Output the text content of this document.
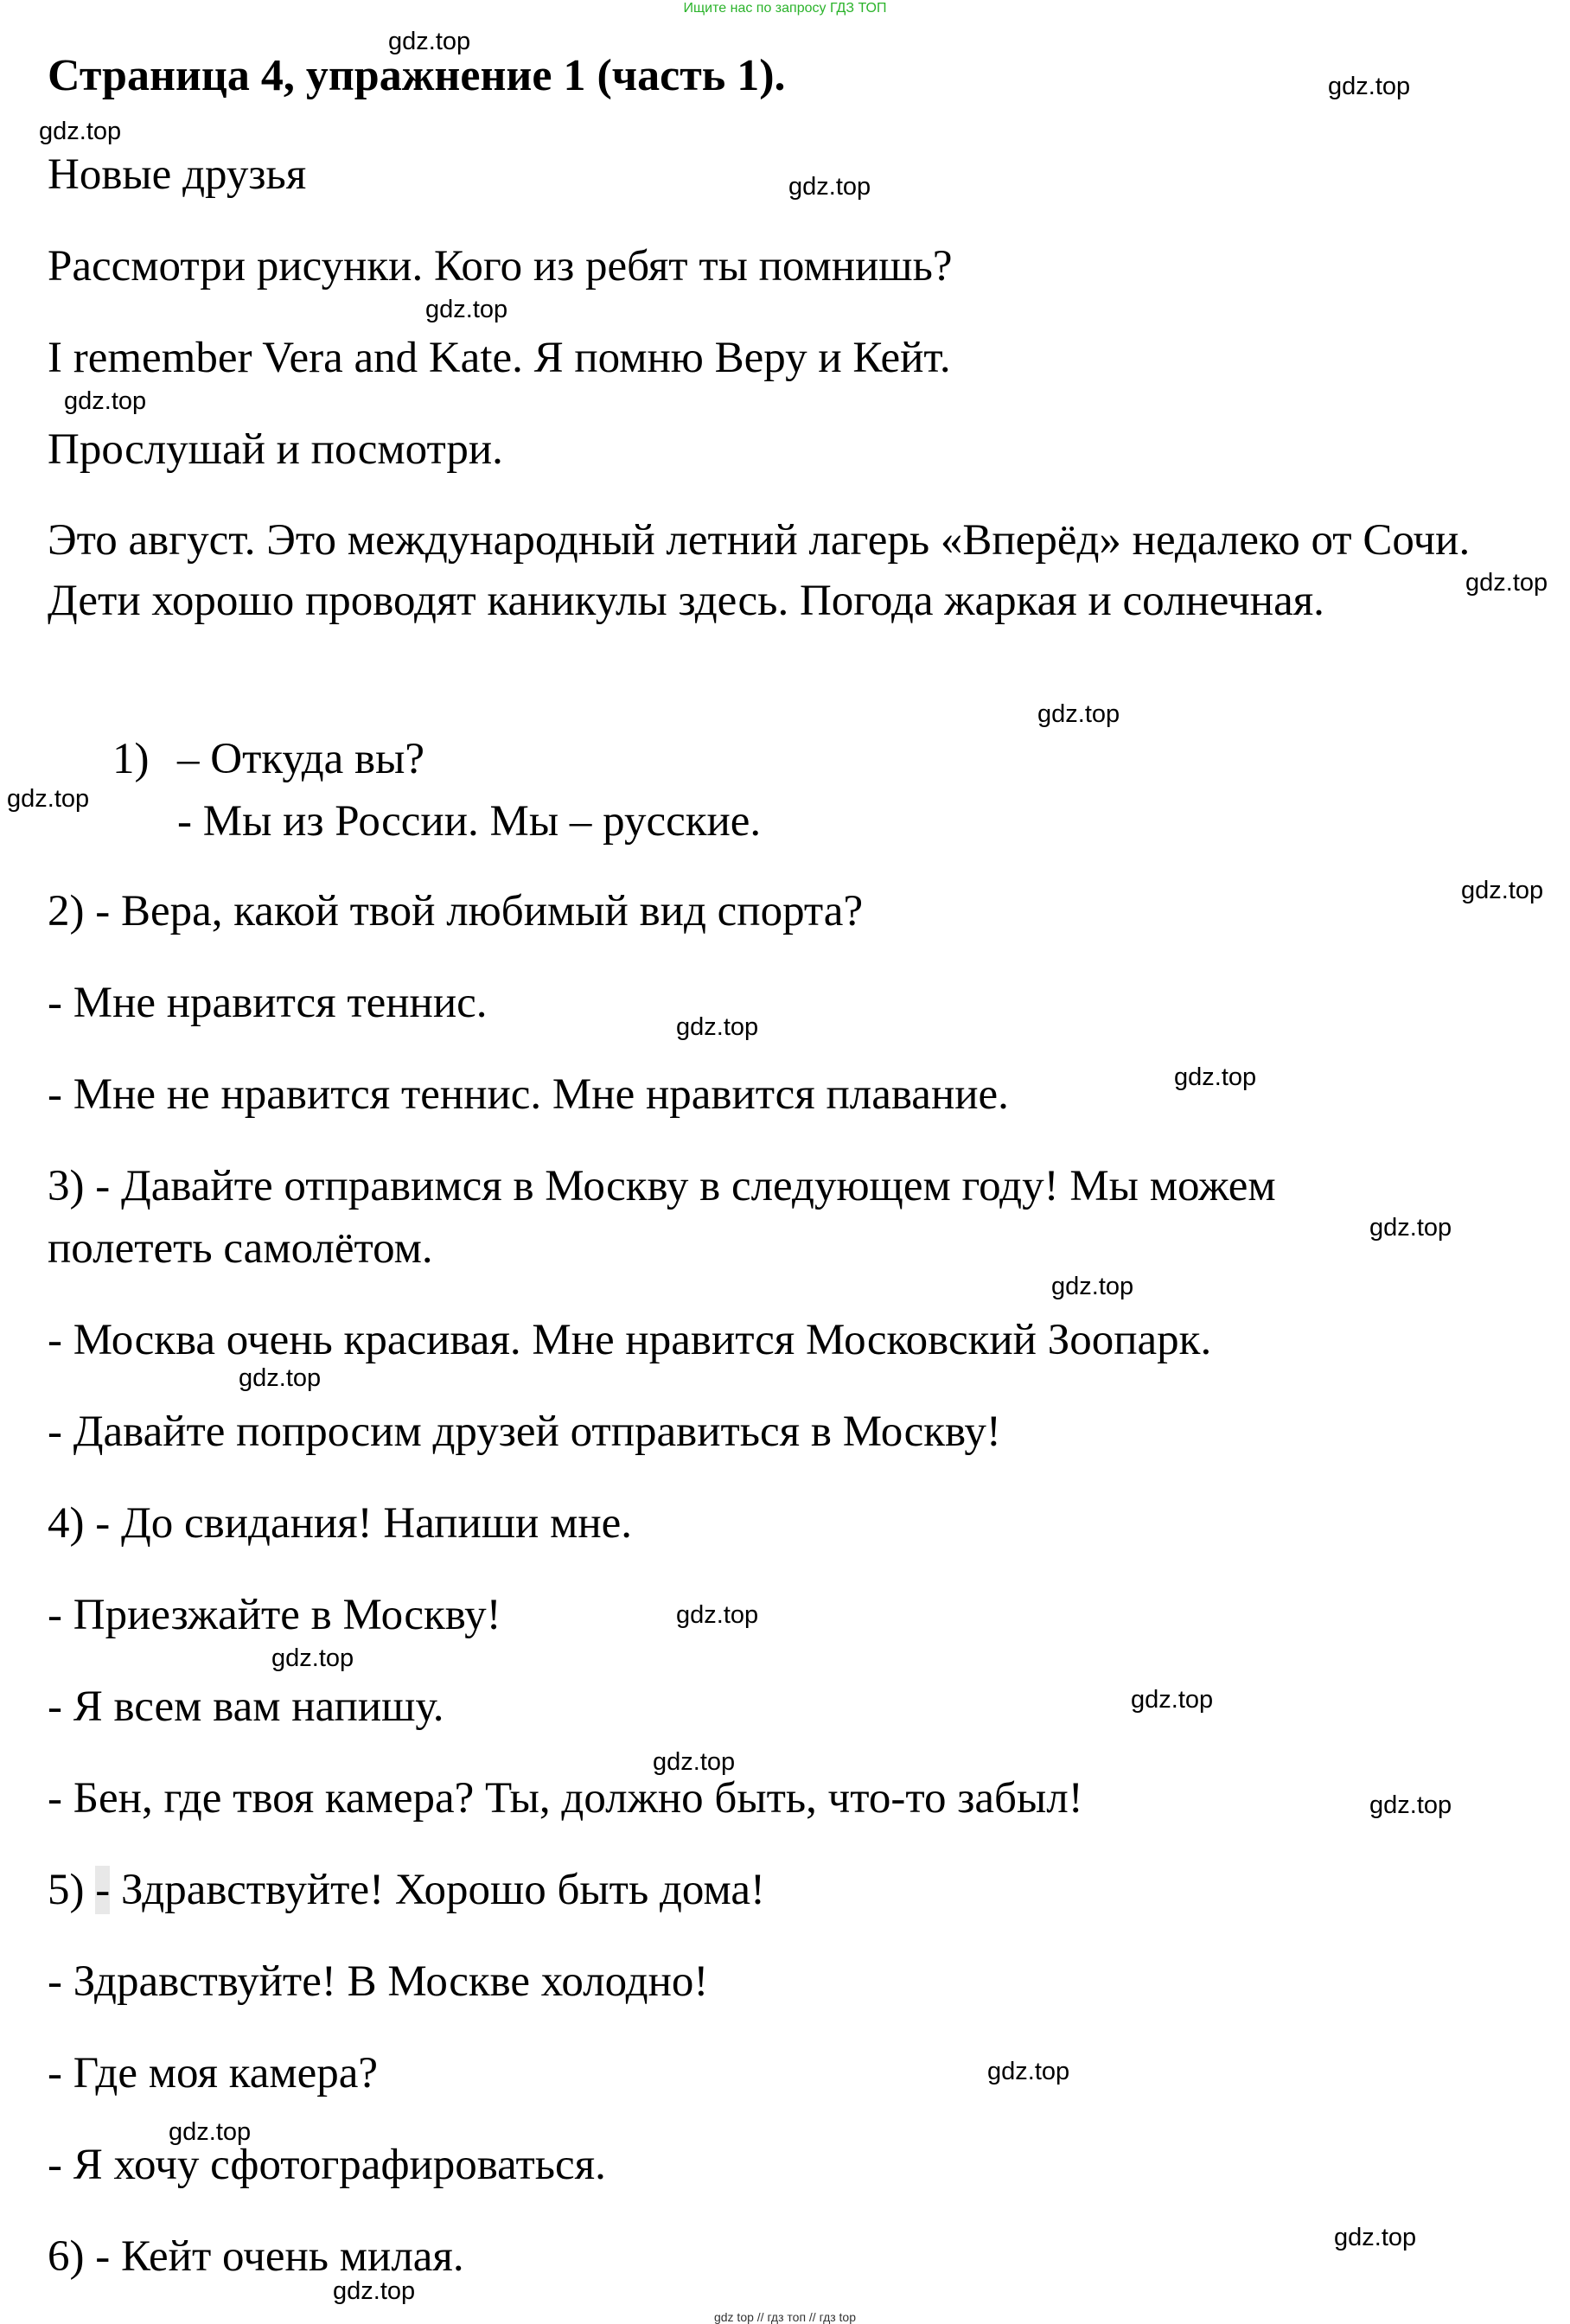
Ищите нас по запросу ГДЗ ТОП
Страница 4, упражнение 1 (часть 1).
Новые друзья
Рассмотри рисунки. Кого из ребят ты помнишь?
I remember Vera and Kate. Я помню Веру и Кейт.
Прослушай и посмотри.
Это август. Это международный летний лагерь «Вперёд» недалеко от Сочи. Дети хорошо проводят каникулы здесь. Погода жаркая и солнечная.
1) – Откуда вы?
- Мы из России. Мы – русские.
2) - Вера, какой твой любимый вид спорта?
- Мне нравится теннис.
- Мне не нравится теннис. Мне нравится плавание.
3) - Давайте отправимся в Москву в следующем году! Мы можем
полететь самолётом.
- Москва очень красивая. Мне нравится Московский Зоопарк.
- Давайте попросим друзей отправиться в Москву!
4) - До свидания! Напиши мне.
- Приезжайте в Москву!
- Я всем вам напишу.
- Бен, где твоя камера? Ты, должно быть, что-то забыл!
5) - Здравствуйте! Хорошо быть дома!
- Здравствуйте! В Москве холодно!
- Где моя камера?
- Я хочу сфотографироваться.
6) - Кейт очень милая.
gdz.top
gdz.top
gdz.top
gdz.top
gdz.top
gdz.top
gdz.top
gdz.top
gdz.top
gdz.top
gdz.top
gdz.top
gdz.top
gdz.top
gdz.top
gdz.top
gdz.top
gdz.top
gdz.top
gdz.top
gdz.top
gdz.top
gdz.top
gdz.top
gdz top // гдз топ // гдз top
